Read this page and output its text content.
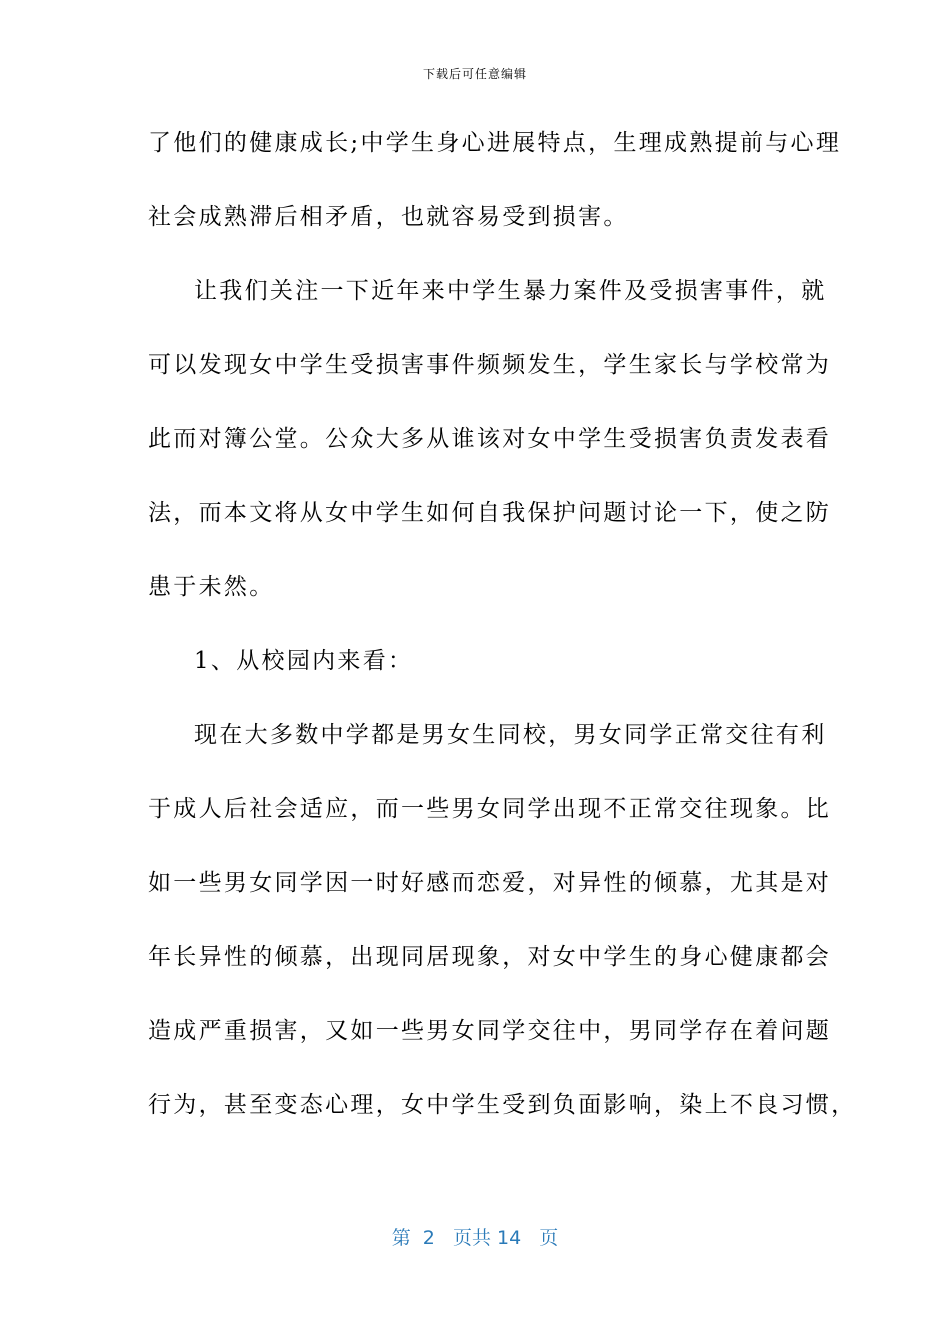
下载后可任意编辑
了他们的健康成长;中学生身心进展特点，生理成熟提前与心理
社会成熟滞后相矛盾，也就容易受到损害。
让我们关注一下近年来中学生暴力案件及受损害事件，就
可以发现女中学生受损害事件频频发生，学生家长与学校常为
此而对簿公堂。公众大多从谁该对女中学生受损害负责发表看
法，而本文将从女中学生如何自我保护问题讨论一下，使之防
患于未然。
1、从校园内来看：
现在大多数中学都是男女生同校，男女同学正常交往有利
于成人后社会适应，而一些男女同学出现不正常交往现象。比
如一些男女同学因一时好感而恋爱，对异性的倾慕，尤其是对
年长异性的倾慕，出现同居现象，对女中学生的身心健康都会
造成严重损害，又如一些男女同学交往中，男同学存在着问题
行为，甚至变态心理，女中学生受到负面影响，染上不良习惯，
第  2   页共 14   页
